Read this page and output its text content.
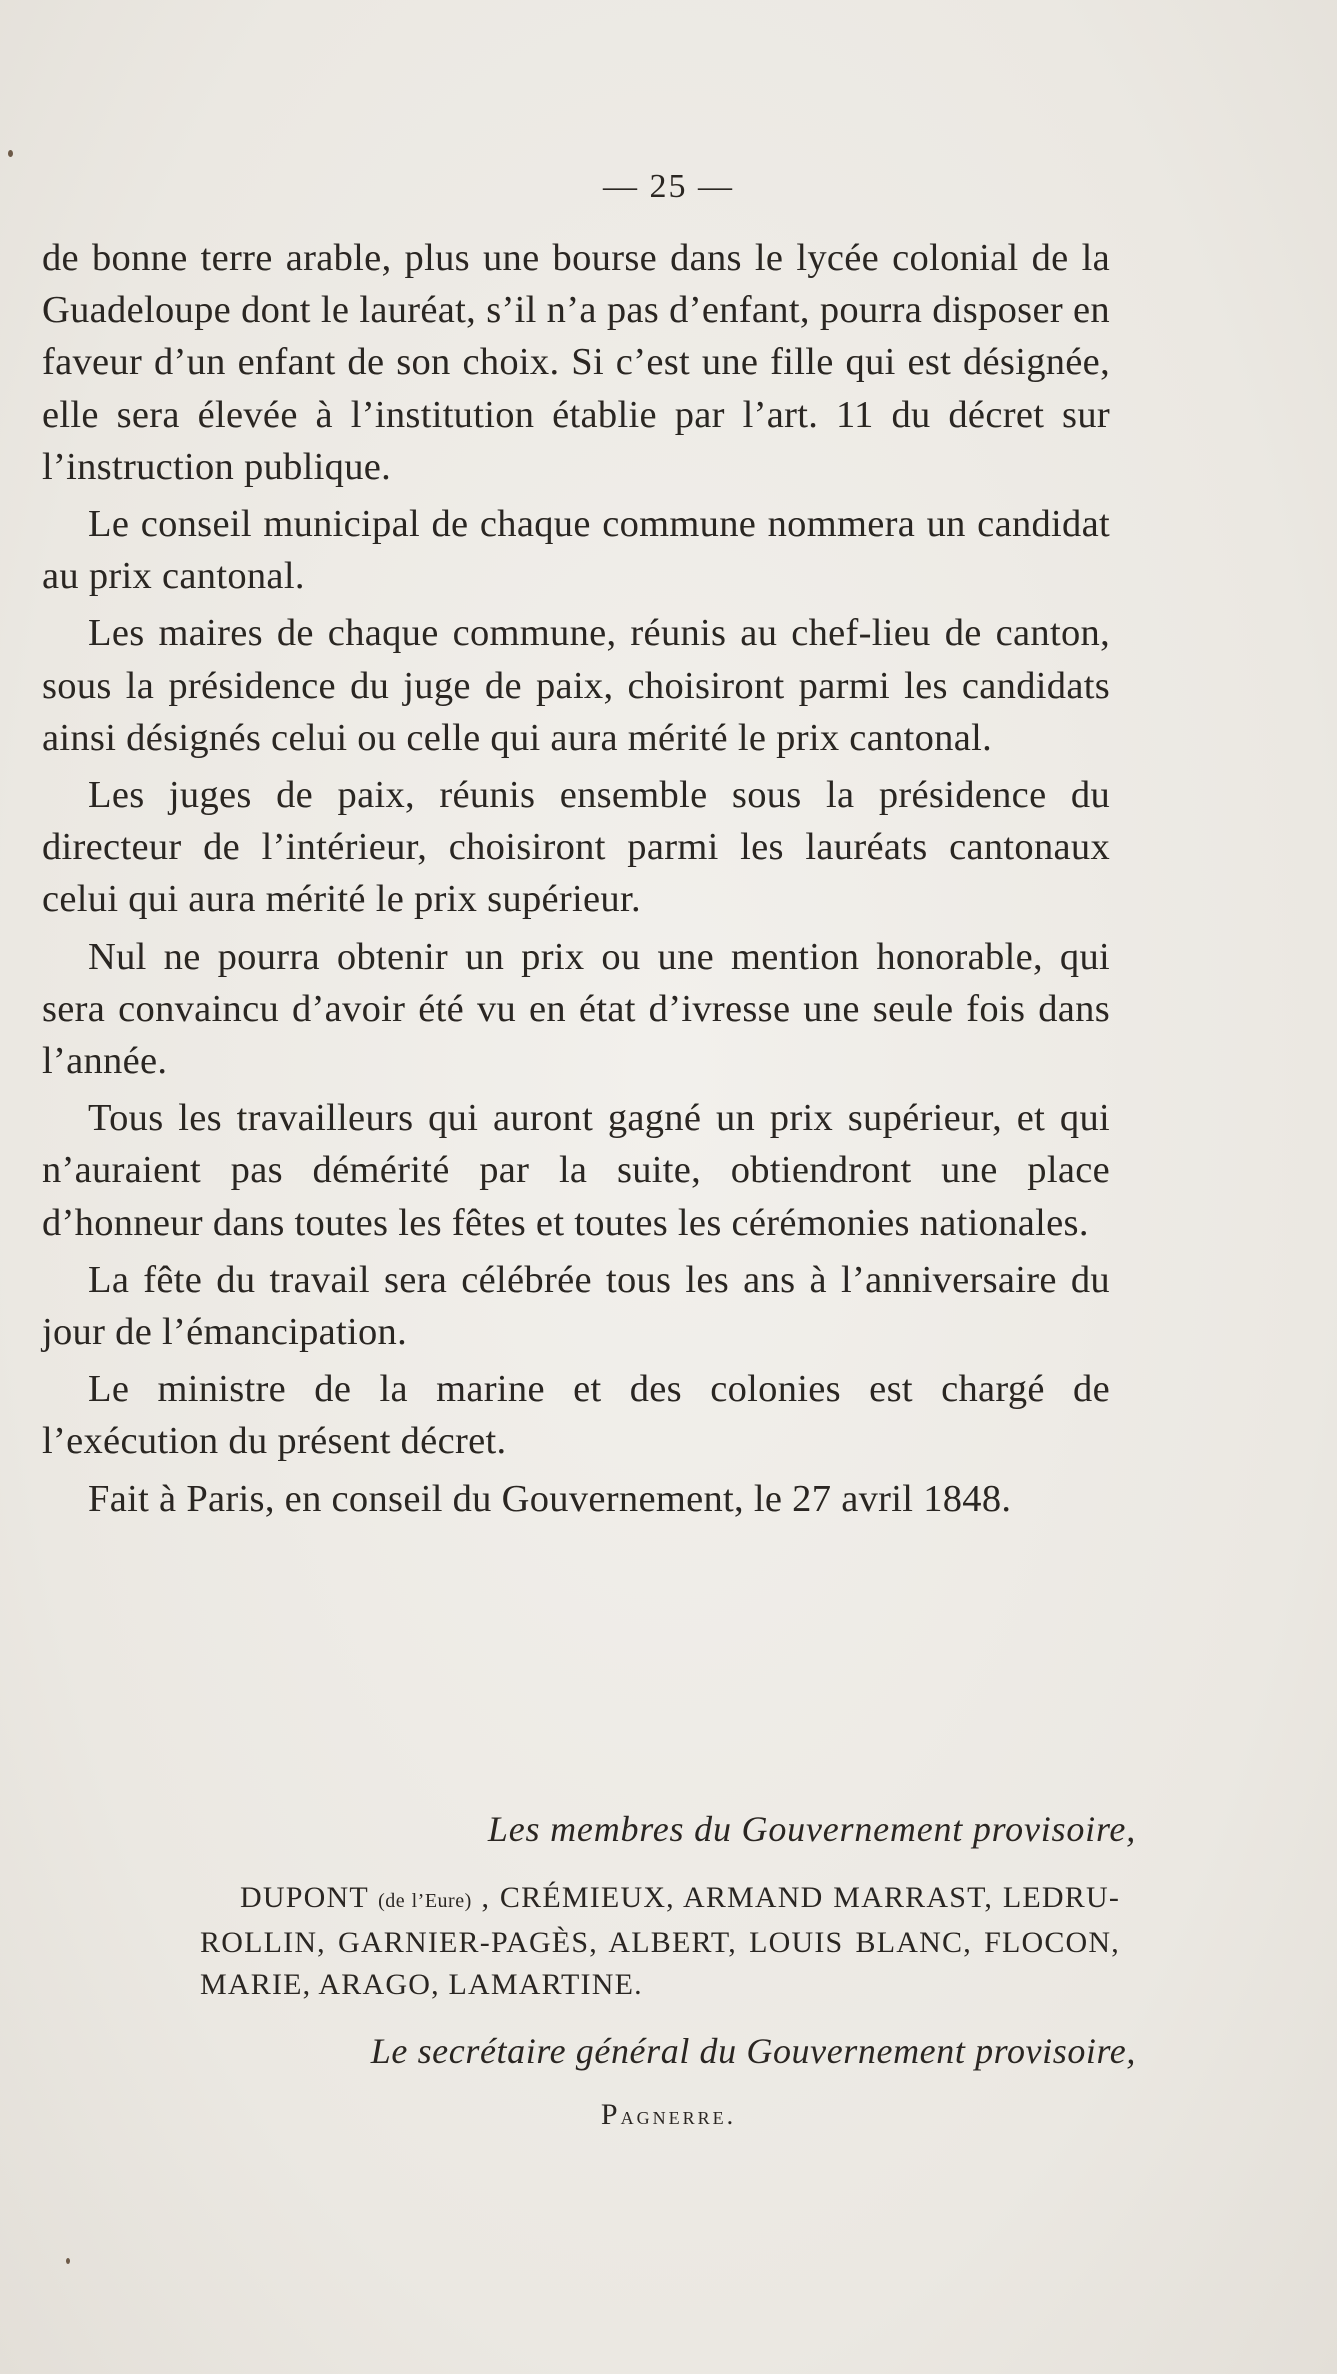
— 25 —

de bonne terre arable, plus une bourse dans le lycée colonial de la Guadeloupe dont le lauréat, s’il n’a pas d’enfant, pourra disposer en faveur d’un enfant de son choix. Si c’est une fille qui est désignée, elle sera élevée à l’institution établie par l’art. 11 du décret sur l’instruction publique.

Le conseil municipal de chaque commune nommera un candidat au prix cantonal.

Les maires de chaque commune, réunis au chef-lieu de canton, sous la présidence du juge de paix, choisiront parmi les candidats ainsi désignés celui ou celle qui aura mérité le prix cantonal.

Les juges de paix, réunis ensemble sous la présidence du directeur de l’intérieur, choisiront parmi les lauréats cantonaux celui qui aura mérité le prix supérieur.

Nul ne pourra obtenir un prix ou une mention honorable, qui sera convaincu d’avoir été vu en état d’ivresse une seule fois dans l’année.

Tous les travailleurs qui auront gagné un prix supérieur, et qui n’auraient pas démérité par la suite, obtiendront une place d’honneur dans toutes les fêtes et toutes les cérémonies nationales.

La fête du travail sera célébrée tous les ans à l’anniversaire du jour de l’émancipation.

Le ministre de la marine et des colonies est chargé de l’exécution du présent décret.

Fait à Paris, en conseil du Gouvernement, le 27 avril 1848.

Les membres du Gouvernement provisoire,
DUPONT (de l’Eure) , CRÉMIEUX, ARMAND MARRAST, LEDRU-ROLLIN, GARNIER-PAGÈS, ALBERT, LOUIS BLANC, FLOCON, MARIE, ARAGO, LAMARTINE.
Le secrétaire général du Gouvernement provisoire,
Pagnerre.
